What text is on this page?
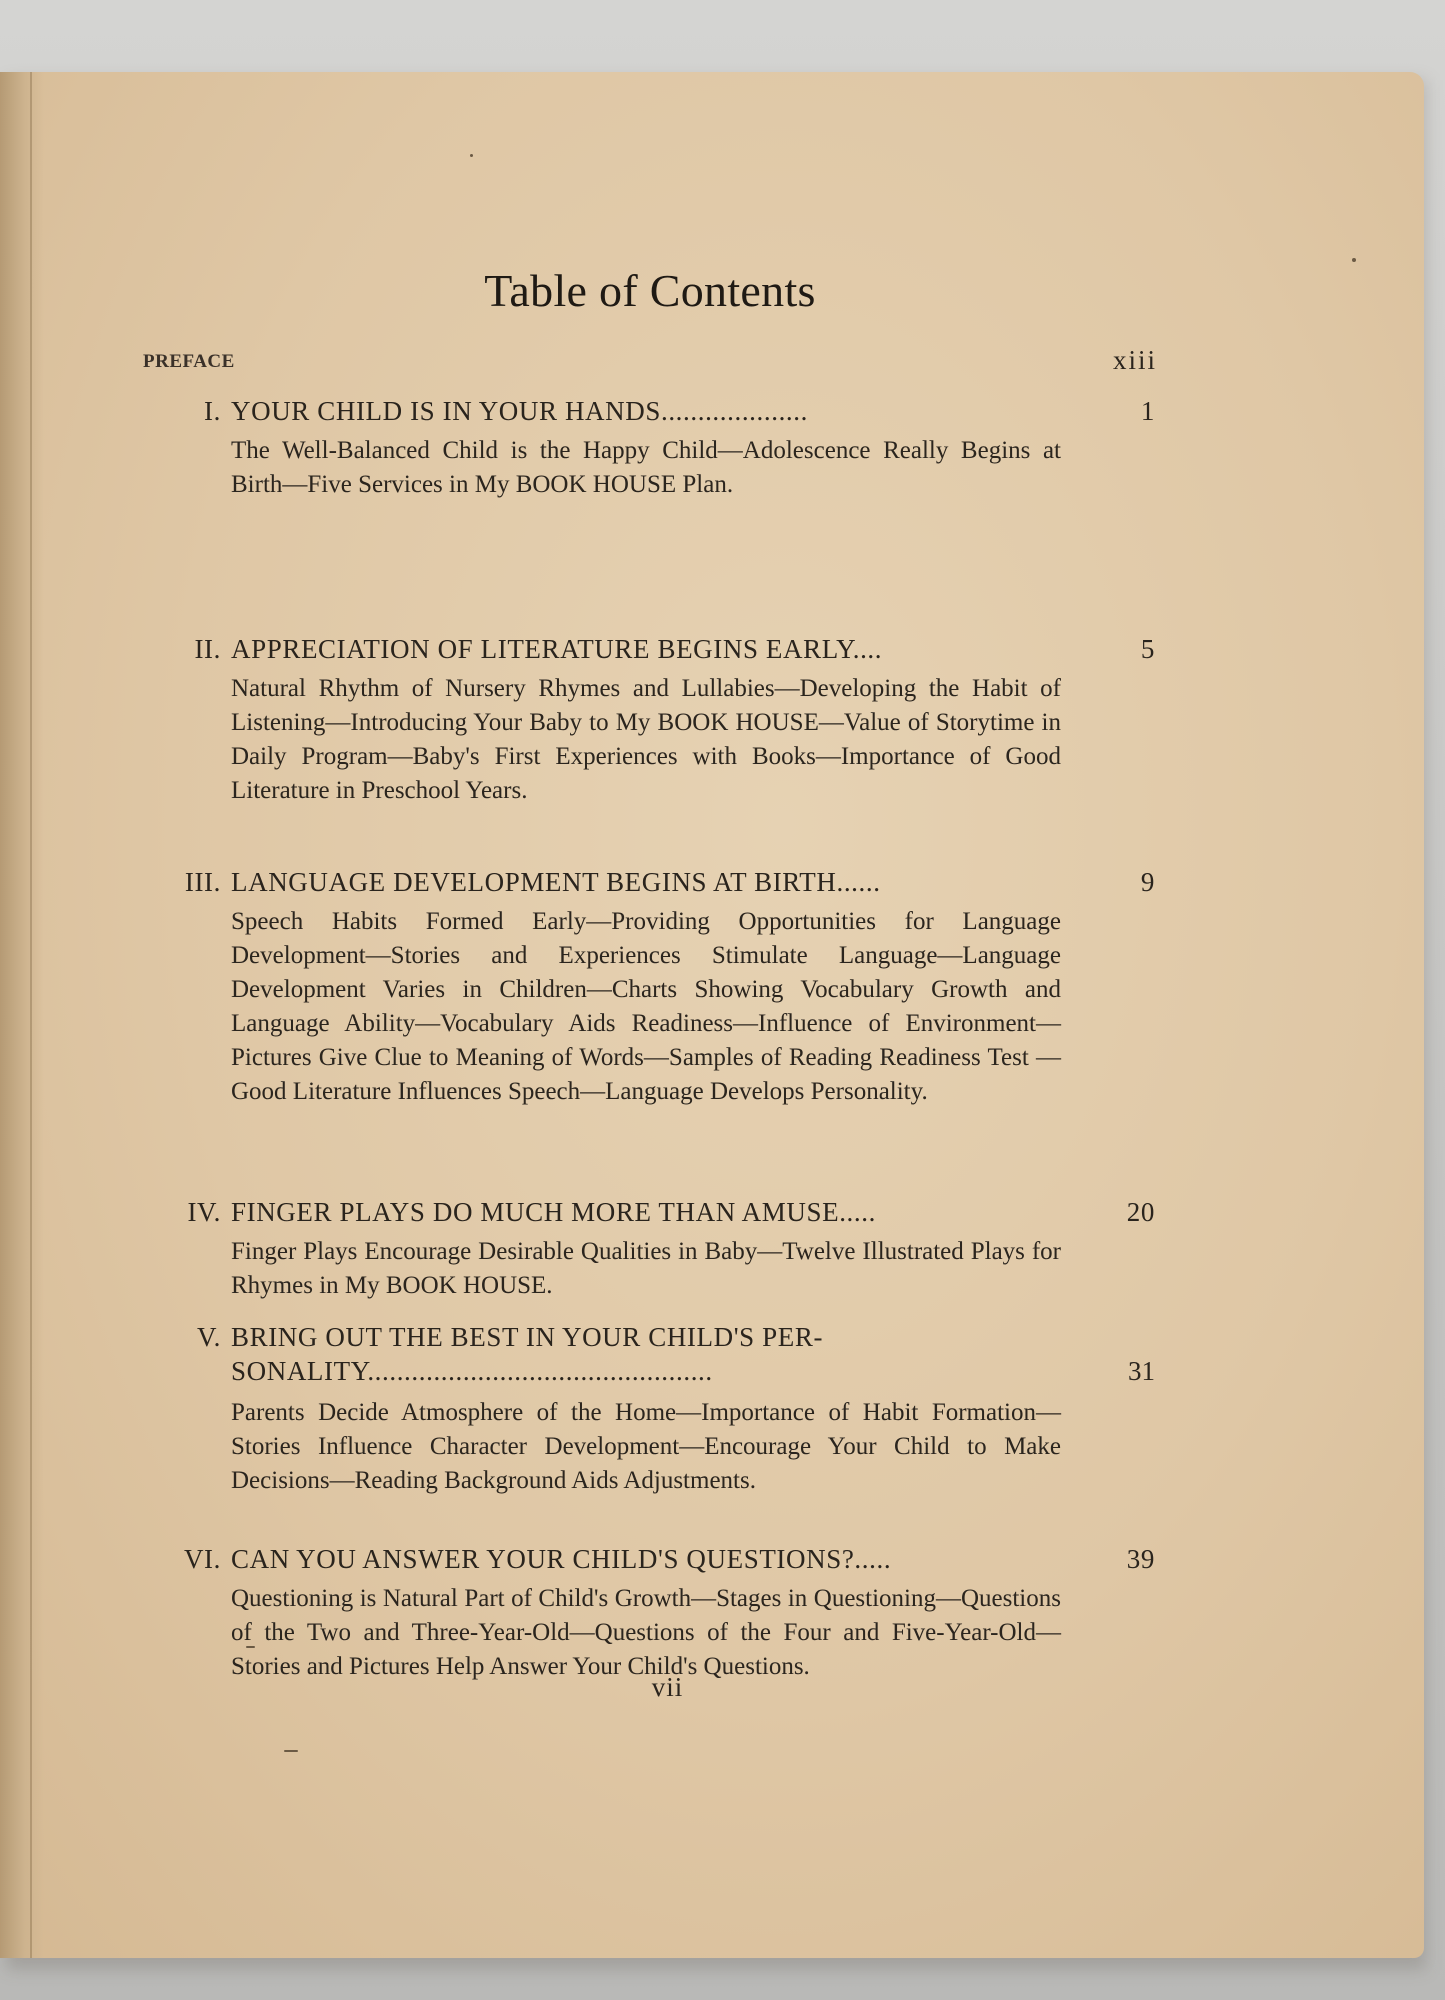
Table of Contents
PREFACE	xiii
I. YOUR CHILD IS IN YOUR HANDS....................	1
The Well-Balanced Child is the Happy Child—Adolescence Really Begins at Birth—Five Services in My BOOK HOUSE Plan.
II. APPRECIATION OF LITERATURE BEGINS EARLY....	5
Natural Rhythm of Nursery Rhymes and Lullabies—Developing the Habit of Listening—Introducing Your Baby to My BOOK HOUSE—Value of Storytime in Daily Program—Baby's First Experiences with Books—Importance of Good Literature in Preschool Years.
III. LANGUAGE DEVELOPMENT BEGINS AT BIRTH......	9
Speech Habits Formed Early—Providing Opportunities for Language Development—Stories and Experiences Stimulate Language—Language Development Varies in Children—Charts Showing Vocabulary Growth and Language Ability—Vocabulary Aids Readiness—Influence of Environment—Pictures Give Clue to Meaning of Words—Samples of Reading Readiness Test —Good Literature Influences Speech—Language Develops Personality.
IV. FINGER PLAYS DO MUCH MORE THAN AMUSE.....	20
Finger Plays Encourage Desirable Qualities in Baby—Twelve Illustrated Plays for Rhymes in My BOOK HOUSE.
V. BRING OUT THE BEST IN YOUR CHILD'S PER-
SONALITY...............................................	31
Parents Decide Atmosphere of the Home—Importance of Habit Formation—Stories Influence Character Development—Encourage Your Child to Make Decisions—Reading Background Aids Adjustments.
VI. CAN YOU ANSWER YOUR CHILD'S QUESTIONS?.....	39
Questioning is Natural Part of Child's Growth—Stages in Questioning—Questions of the Two and Three-Year-Old—Questions of the Four and Five-Year-Old—Stories and Pictures Help Answer Your Child's Questions.
vii
